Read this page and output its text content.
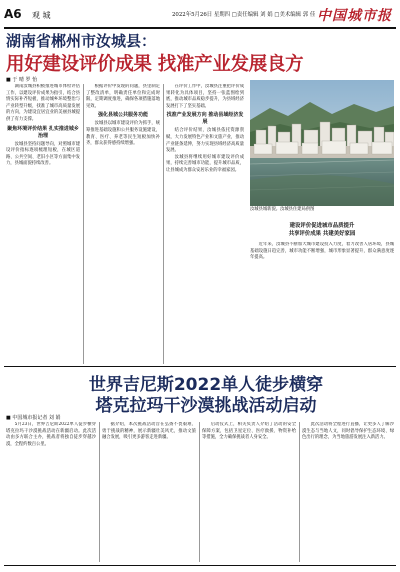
A6 观 城	2022年5月26日 星期四 □责任编辑 刘 娟 □美术编辑 郭 佳 中国城市报
湖南省郴州市汝城县：
用好建设评价成果 找准产业发展良方
■ 于 晴 罗 怡

湖南汝城县积极推进城市体检评估工作，以建设评价成果为指引，结合县情实际补齐短板，推动城乡环境整治与产业转型升级，找准了城市高质量发展的方向，为建设宜居宜业的美丽县城提供了有力支撑。

聚焦环境评价结果 扎实推进城乡治理

汝城县坚持问题导向，对照城市建设评价指标逐项梳理短板，在城区道路、公共空间、老旧小区等方面集中发力，县城面貌持续改善。

根据评价中发现的问题，县里制定了整改清单，明确责任单位和完成时限，定期调度推进，确保各项措施落地见效。

强化县城公共服务功能

汝城县以城市建设评价为抓手，统筹推进基础设施和公共服务设施建设，教育、医疗、养老等民生短板加快补齐，群众获得感持续增强。

在评价工作中，汝城县注重把评价成果转化为具体项目，坚持一张蓝图绘到底，推动城市品质稳步提升，为县域经济发展打下了坚实基础。

找准产业发展方向 推动县域经济发展

结合评价结果，汝城县依托资源禀赋，大力发展特色产业和文旅产业，推动产业链条延伸，努力实现县域经济高质量发展。

汝城县将继续用好城市建设评价成果，持续完善城市功能，提升城市品质，让县城成为群众安居乐业的幸福家园。

汝城县城新貌。汝城县住建局供图
建设评价促进城市品质提升
共享评价成果 共建美好家园

近年来，汝城县不断加大城市建设投入力度，着力改善人居环境，县城基础设施日趋完善，城市功能不断增强，城市形象显著提升，群众满意度逐年提高。

世界吉尼斯2022单人徒步横穿
塔克拉玛干沙漠挑战活动启动
■ 中国城市报记者 刘 娟

5月23日，世界吉尼斯2022单人徒步横穿塔克拉玛干沙漠挑战活动在新疆启动。此次活动由多方联合主办，挑战者将独自徒步穿越沙漠，全程约数百公里。

据介绍，本次挑战活动旨在弘扬不畏艰难、勇于挑战的精神，展示新疆壮美风光，推动文旅融合发展，吸引更多游客走进新疆。

启动仪式上，相关负责人介绍了活动的安全保障方案，包括卫星定位、医疗救援、物资补给等措施，全力确保挑战者人身安全。

此次活动将全程进行直播，让更多人了解沙漠生态与当地人文，同时倡导保护生态环境、绿色出行的理念，为当地旅游发展注入新活力。
